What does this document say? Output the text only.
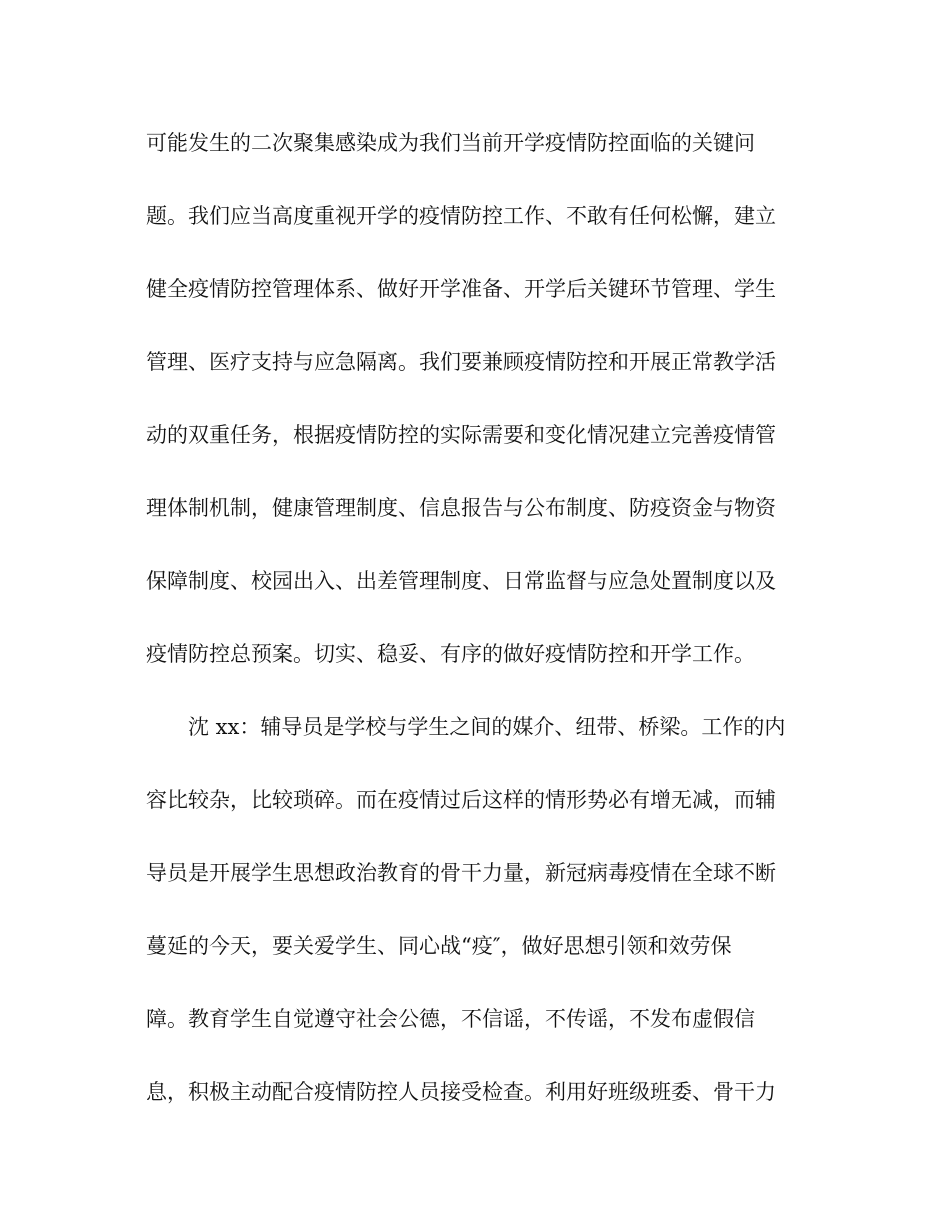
可能发生的二次聚集感染成为我们当前开学疫情防控面临的关键问
题。我们应当高度重视开学的疫情防控工作、不敢有任何松懈，建立
健全疫情防控管理体系、做好开学准备、开学后关键环节管理、学生
管理、医疗支持与应急隔离。我们要兼顾疫情防控和开展正常教学活
动的双重任务，根据疫情防控的实际需要和变化情况建立完善疫情管
理体制机制，健康管理制度、信息报告与公布制度、防疫资金与物资
保障制度、校园出入、出差管理制度、日常监督与应急处置制度以及
疫情防控总预案。切实、稳妥、有序的做好疫情防控和开学工作。
沈 xx：辅导员是学校与学生之间的媒介、纽带、桥梁。工作的内
容比较杂，比较琐碎。而在疫情过后这样的情形势必有增无减，而辅
导员是开展学生思想政治教育的骨干力量，新冠病毒疫情在全球不断
蔓延的今天，要关爱学生、同心战“疫″，做好思想引领和效劳保
障。教育学生自觉遵守社会公德，不信谣，不传谣，不发布虚假信
息，积极主动配合疫情防控人员接受检查。利用好班级班委、骨干力
